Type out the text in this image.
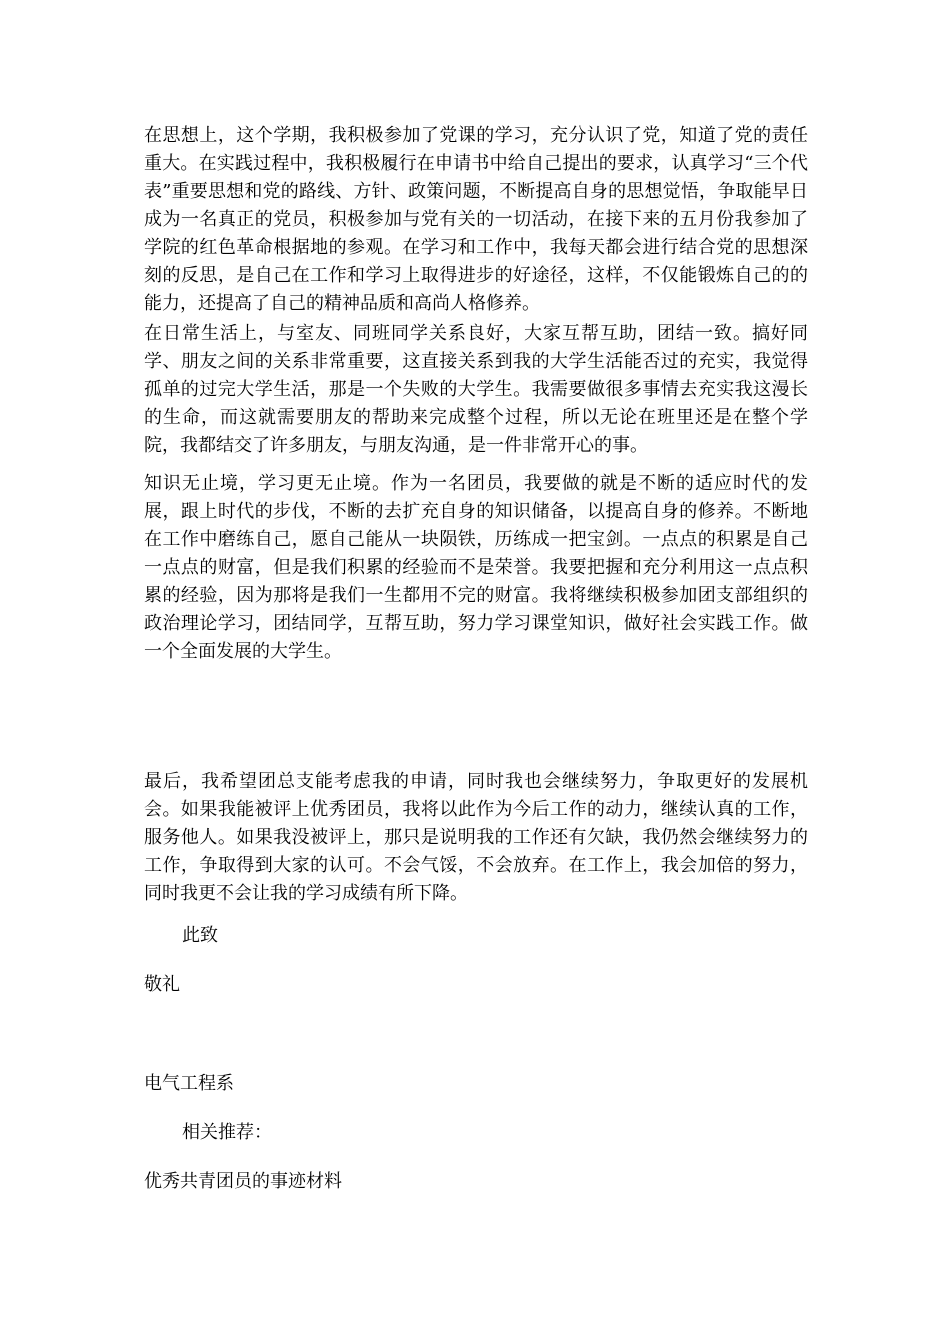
在思想上，这个学期，我积极参加了党课的学习，充分认识了党，知道了党的责任重大。在实践过程中，我积极履行在申请书中给自己提出的要求，认真学习“三个代表”重要思想和党的路线、方针、政策问题，不断提高自身的思想觉悟，争取能早日成为一名真正的党员，积极参加与党有关的一切活动，在接下来的五月份我参加了学院的红色革命根据地的参观。在学习和工作中，我每天都会进行结合党的思想深刻的反思，是自己在工作和学习上取得进步的好途径，这样，不仅能锻炼自己的的能力，还提高了自己的精神品质和高尚人格修养。

在日常生活上，与室友、同班同学关系良好，大家互帮互助，团结一致。搞好同学、朋友之间的关系非常重要，这直接关系到我的大学生活能否过的充实，我觉得孤单的过完大学生活，那是一个失败的大学生。我需要做很多事情去充实我这漫长的生命，而这就需要朋友的帮助来完成整个过程，所以无论在班里还是在整个学院，我都结交了许多朋友，与朋友沟通，是一件非常开心的事。

知识无止境，学习更无止境。作为一名团员，我要做的就是不断的适应时代的发展，跟上时代的步伐，不断的去扩充自身的知识储备，以提高自身的修养。不断地在工作中磨练自己，愿自己能从一块陨铁，历练成一把宝剑。一点点的积累是自己一点点的财富，但是我们积累的经验而不是荣誉。我要把握和充分利用这一点点积累的经验，因为那将是我们一生都用不完的财富。我将继续积极参加团支部组织的政治理论学习，团结同学，互帮互助，努力学习课堂知识，做好社会实践工作。做一个全面发展的大学生。

最后，我希望团总支能考虑我的申请，同时我也会继续努力，争取更好的发展机会。如果我能被评上优秀团员，我将以此作为今后工作的动力，继续认真的工作，服务他人。如果我没被评上，那只是说明我的工作还有欠缺，我仍然会继续努力的工作，争取得到大家的认可。不会气馁，不会放弃。在工作上，我会加倍的努力，同时我更不会让我的学习成绩有所下降。

此致

敬礼

电气工程系

相关推荐：

优秀共青团员的事迹材料
